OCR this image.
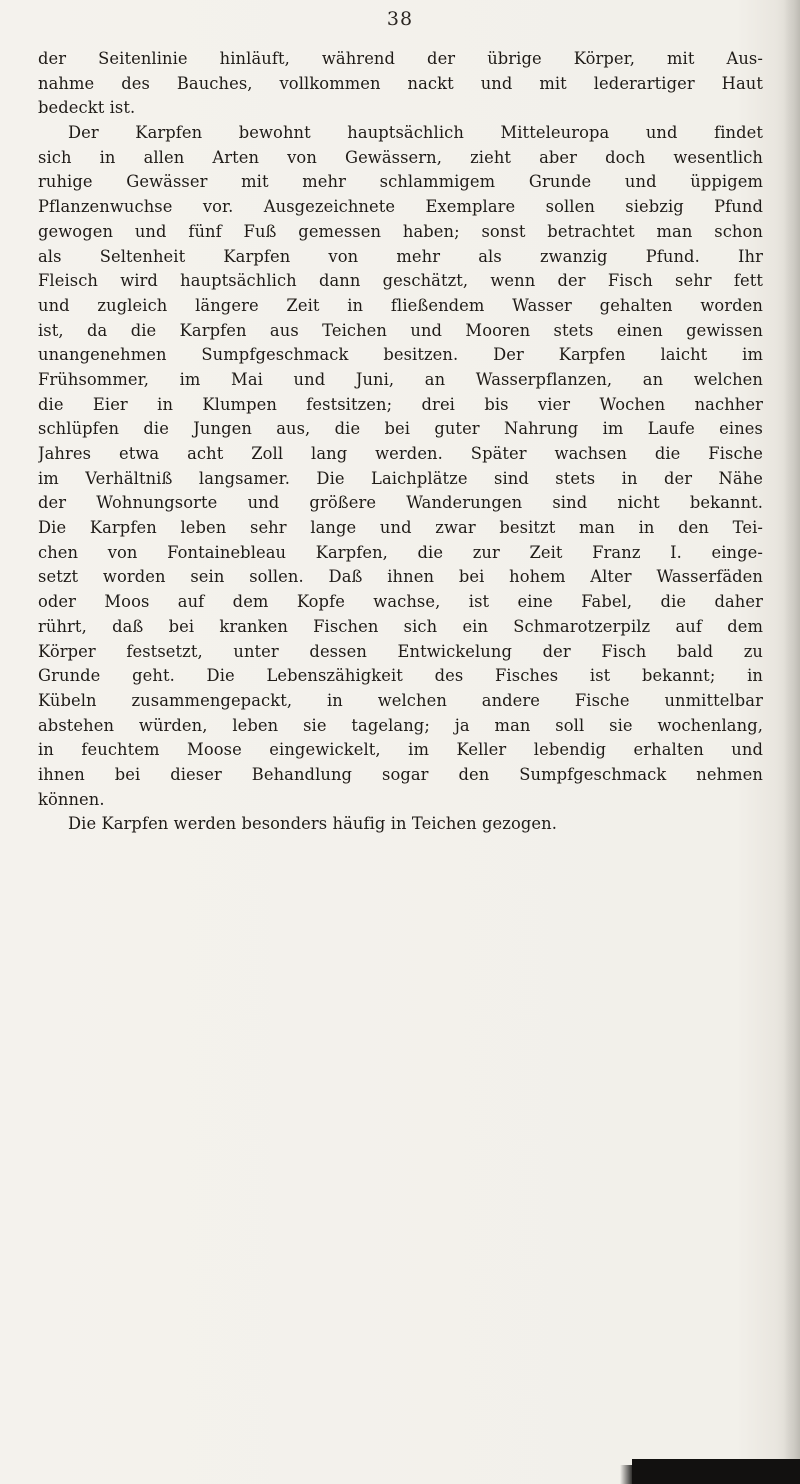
38
der Seitenlinie hinläuft, während der übrige Körper, mit Aus-
nahme des Bauches, vollkommen nackt und mit lederartiger Haut
bedeckt ist.
Der Karpfen bewohnt hauptsächlich Mitteleuropa und findet
sich in allen Arten von Gewässern, zieht aber doch wesentlich
ruhige Gewässer mit mehr schlammigem Grunde und üppigem
Pflanzenwuchse vor. Ausgezeichnete Exemplare sollen siebzig Pfund
gewogen und fünf Fuß gemessen haben; sonst betrachtet man schon
als Seltenheit Karpfen von mehr als zwanzig Pfund. Ihr
Fleisch wird hauptsächlich dann geschätzt, wenn der Fisch sehr fett
und zugleich längere Zeit in fließendem Wasser gehalten worden
ist, da die Karpfen aus Teichen und Mooren stets einen gewissen
unangenehmen Sumpfgeschmack besitzen. Der Karpfen laicht im
Frühsommer, im Mai und Juni, an Wasserpflanzen, an welchen
die Eier in Klumpen festsitzen; drei bis vier Wochen nachher
schlüpfen die Jungen aus, die bei guter Nahrung im Laufe eines
Jahres etwa acht Zoll lang werden. Später wachsen die Fische
im Verhältniß langsamer. Die Laichplätze sind stets in der Nähe
der Wohnungsorte und größere Wanderungen sind nicht bekannt.
Die Karpfen leben sehr lange und zwar besitzt man in den Tei-
chen von Fontainebleau Karpfen, die zur Zeit Franz I. einge-
setzt worden sein sollen. Daß ihnen bei hohem Alter Wasserfäden
oder Moos auf dem Kopfe wachse, ist eine Fabel, die daher
rührt, daß bei kranken Fischen sich ein Schmarotzerpilz auf dem
Körper festsetzt, unter dessen Entwickelung der Fisch bald zu
Grunde geht. Die Lebenszähigkeit des Fisches ist bekannt; in
Kübeln zusammengepackt, in welchen andere Fische unmittelbar
abstehen würden, leben sie tagelang; ja man soll sie wochenlang,
in feuchtem Moose eingewickelt, im Keller lebendig erhalten und
ihnen bei dieser Behandlung sogar den Sumpfgeschmack nehmen
können.
Die Karpfen werden besonders häufig in Teichen gezogen.
